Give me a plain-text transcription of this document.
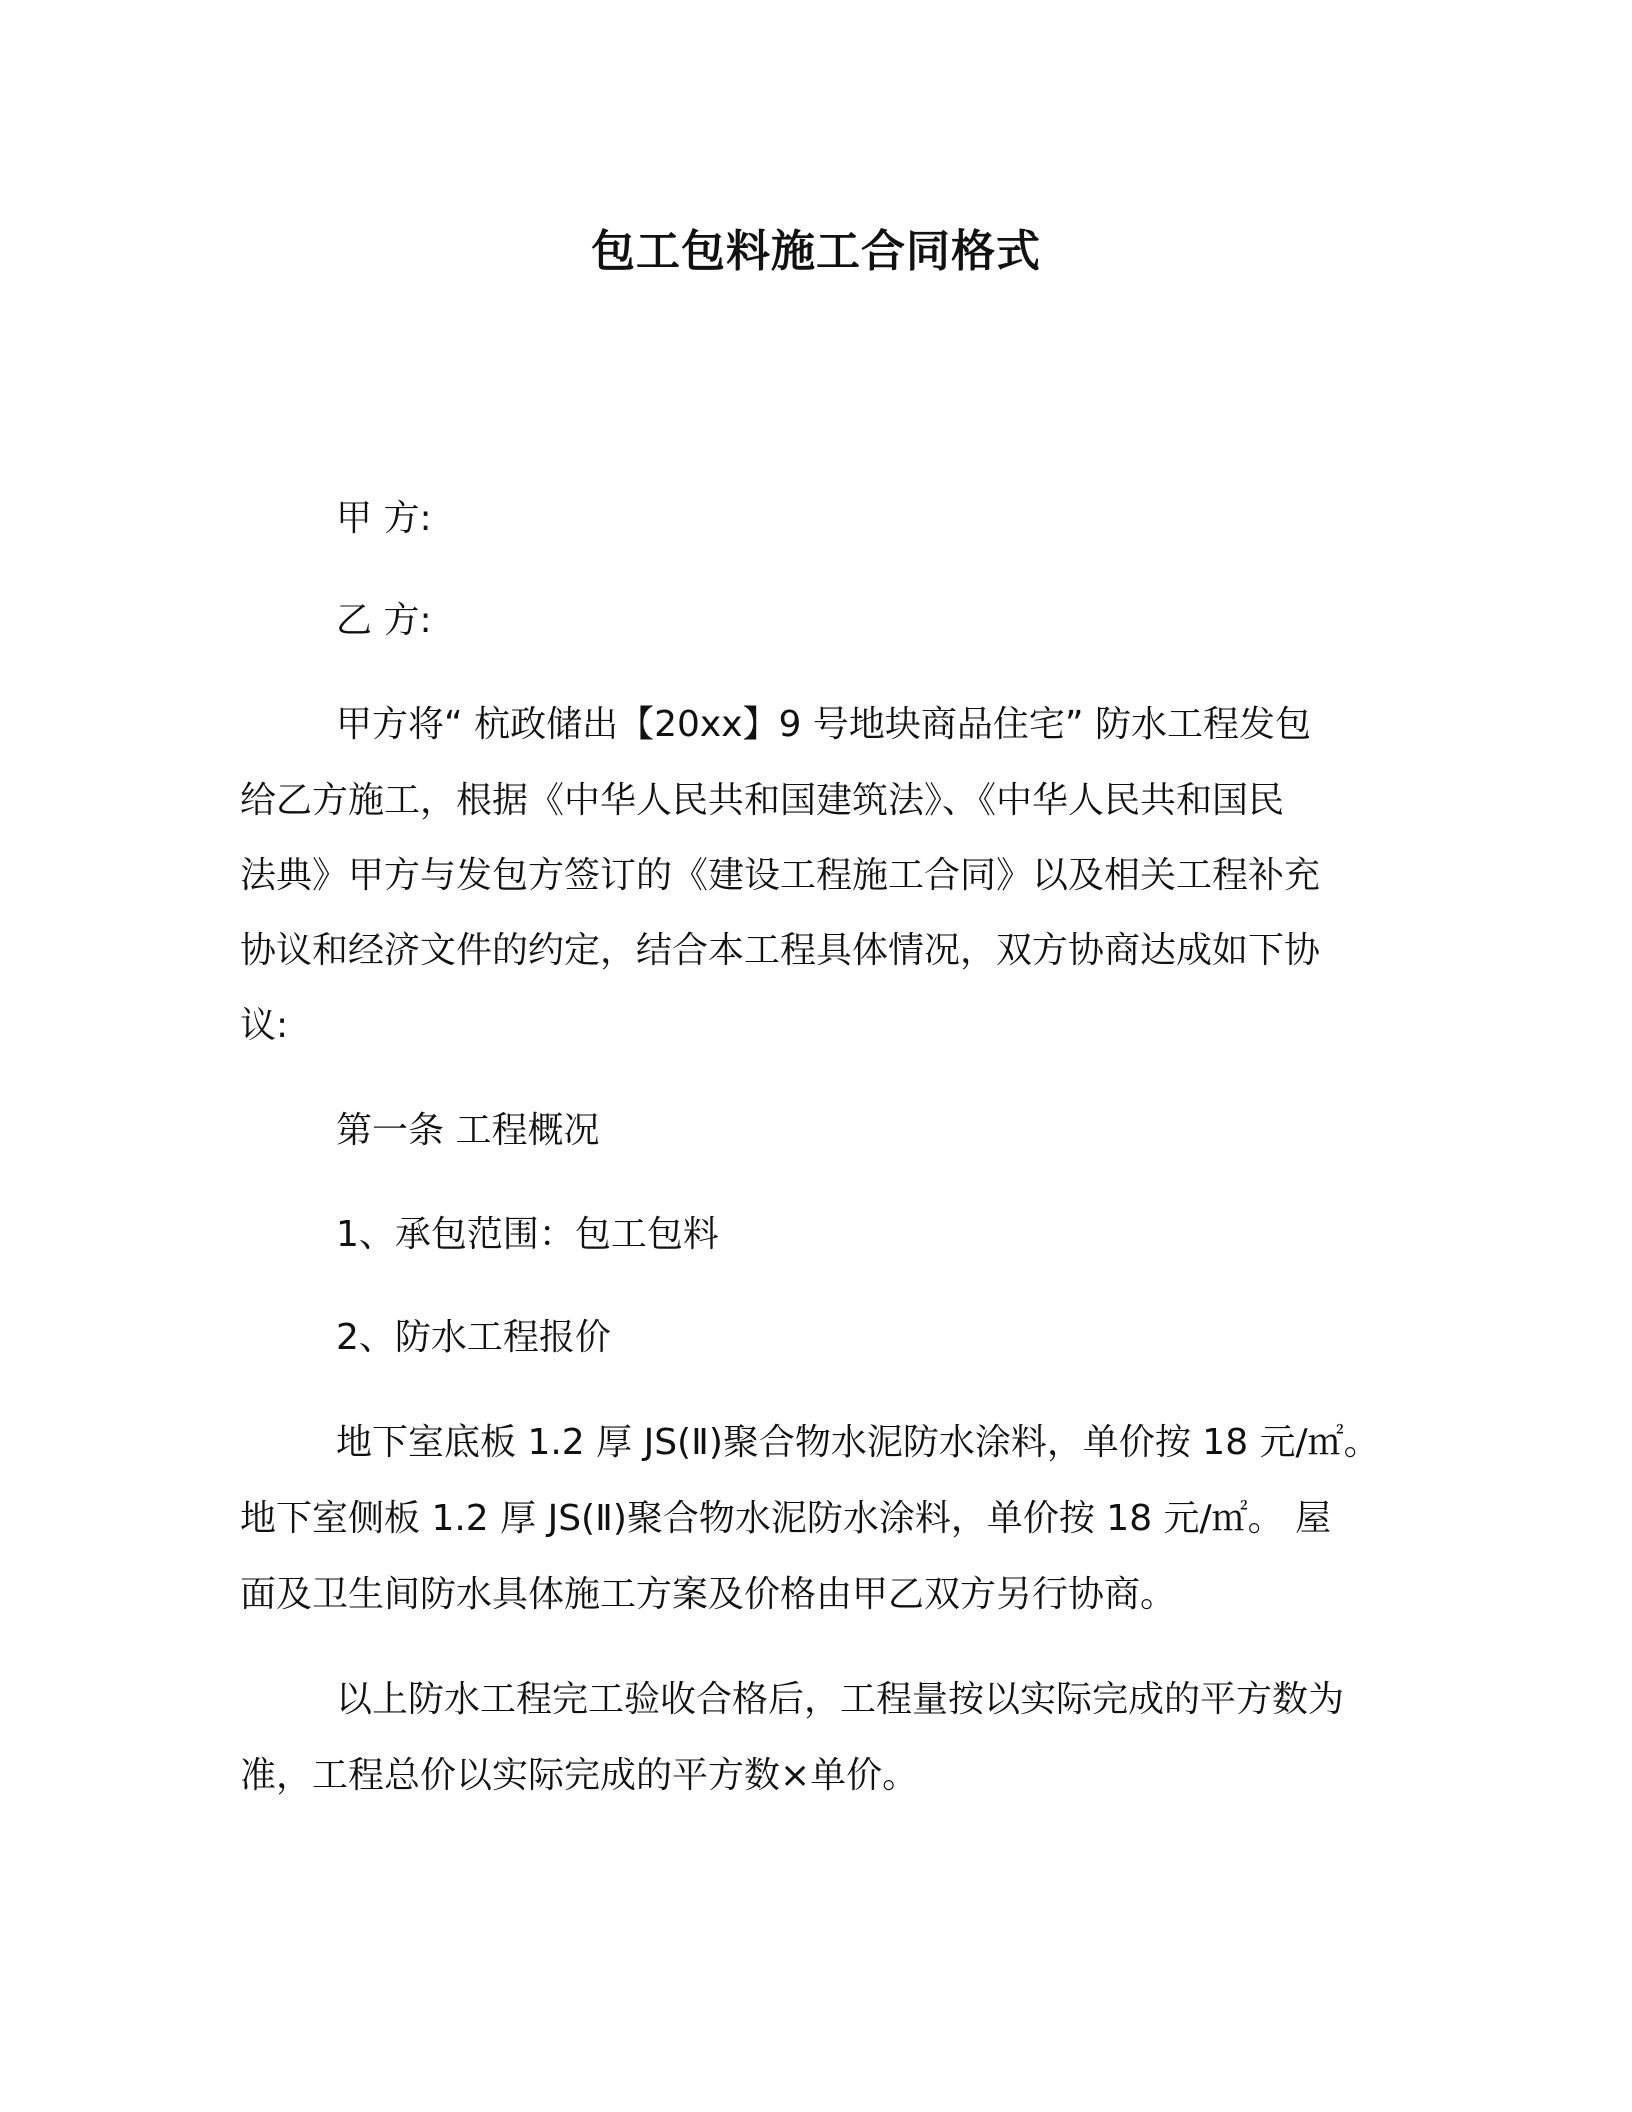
包工包料施工合同格式
甲 方:
乙 方:
甲方将“ 杭政储出【20xx】9 号地块商品住宅” 防水工程发包
给乙方施工，根据《中华人民共和国建筑法》、《中华人民共和国民
法典》甲方与发包方签订的《建设工程施工合同》以及相关工程补充
协议和经济文件的约定，结合本工程具体情况，双方协商达成如下协
议:
第一条 工程概况
1、承包范围：包工包料
2、防水工程报价
地下室底板 1.2 厚 JS(Ⅱ)聚合物水泥防水涂料，单价按 18 元/㎡。
地下室侧板 1.2 厚 JS(Ⅱ)聚合物水泥防水涂料，单价按 18 元/㎡。 屋
面及卫生间防水具体施工方案及价格由甲乙双方另行协商。
以上防水工程完工验收合格后，工程量按以实际完成的平方数为
准，工程总价以实际完成的平方数×单价。
